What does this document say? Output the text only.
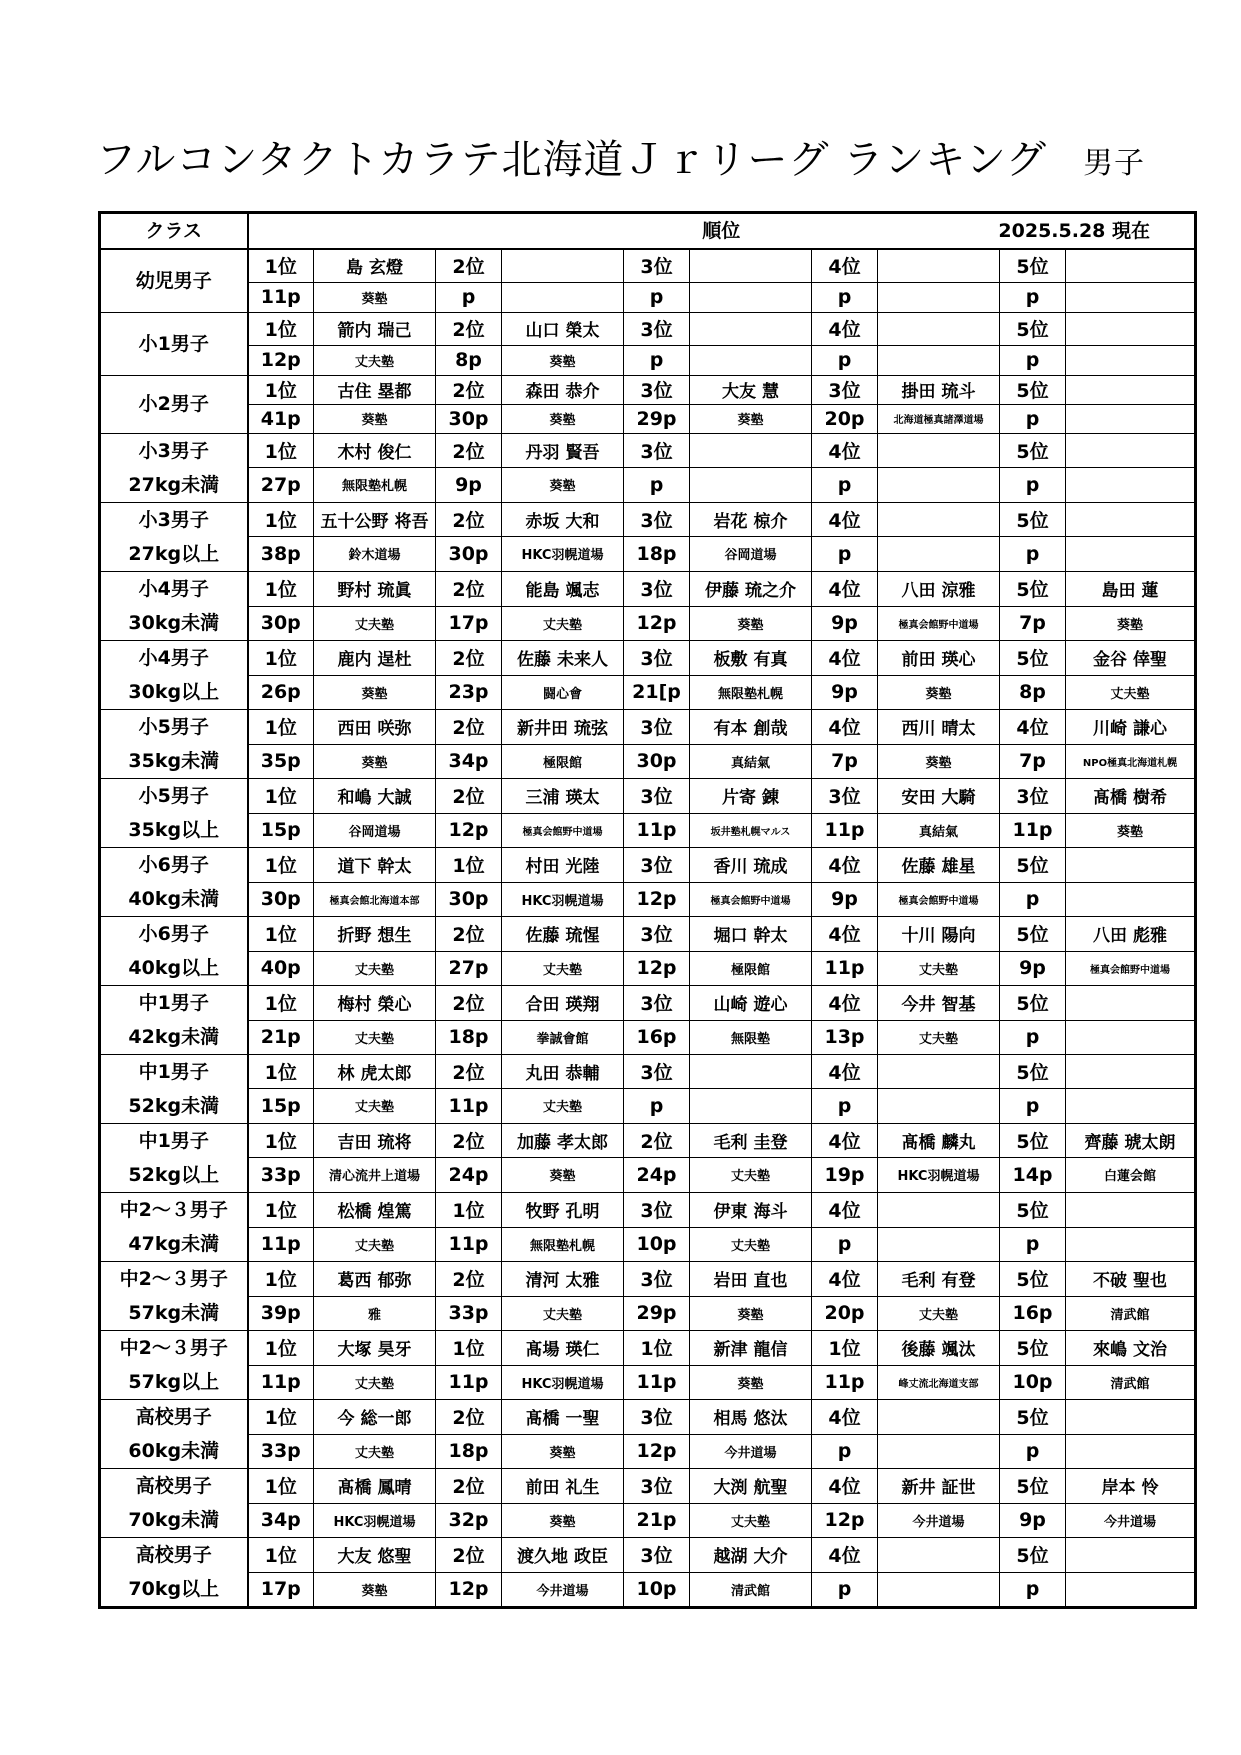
フルコンタクトカラテ北海道Ｊｒリーグ ランキング 男子
クラス	順位 2025.5.28 現在									

幼児男子	1位	島 玄燈	2位		3位		4位		5位	
	11p	葵塾	p		p		p		p	

小1男子	1位	箭内 瑞己	2位	山口 榮太	3位		4位		5位	
	12p	丈夫塾	8p	葵塾	p		p		p	

小2男子	1位	古住 塁都	2位	森田 恭介	3位	大友 慧	3位	掛田 琉斗	5位	
	41p	葵塾	30p	葵塾	29p	葵塾	20p	北海道極真諸澤道場	p	

小3男子
27kg未満	1位	木村 俊仁	2位	丹羽 賢吾	3位		4位		5位	
	27p	無限塾札幌	9p	葵塾	p		p		p	

小3男子
27kg以上	1位	五十公野 将吾	2位	赤坂 大和	3位	岩花 椋介	4位		5位	
	38p	鈴木道場	30p	HKC羽幌道場	18p	谷岡道場	p		p	

小4男子
30kg未満	1位	野村 琉眞	2位	能島 颯志	3位	伊藤 琉之介	4位	八田 涼雅	5位	島田 蓮
	30p	丈夫塾	17p	丈夫塾	12p	葵塾	9p	極真会館野中道場	7p	葵塾

小4男子
30kg以上	1位	鹿内 逞杜	2位	佐藤 未来人	3位	板敷 有真	4位	前田 瑛心	5位	金谷 倖聖
	26p	葵塾	23p	闘心會	21[p	無限塾札幌	9p	葵塾	8p	丈夫塾

小5男子
35kg未満	1位	西田 咲弥	2位	新井田 琉弦	3位	有本 創哉	4位	西川 晴太	4位	川崎 謙心
	35p	葵塾	34p	極限館	30p	真結氣	7p	葵塾	7p	NPO極真北海道札幌

小5男子
35kg以上	1位	和嶋 大誠	2位	三浦 瑛太	3位	片寄 錬	3位	安田 大騎	3位	髙橋 樹希
	15p	谷岡道場	12p	極真会館野中道場	11p	坂井塾札幌マルス	11p	真結氣	11p	葵塾

小6男子
40kg未満	1位	道下 幹太	1位	村田 光陸	3位	香川 琉成	4位	佐藤 雄星	5位	
	30p	極真会館北海道本部	30p	HKC羽幌道場	12p	極真会館野中道場	9p	極真会館野中道場	p	

小6男子
40kg以上	1位	折野 想生	2位	佐藤 琉惺	3位	堀口 幹太	4位	十川 陽向	5位	八田 彪雅
	40p	丈夫塾	27p	丈夫塾	12p	極限館	11p	丈夫塾	9p	極真会館野中道場

中1男子
42kg未満	1位	梅村 榮心	2位	合田 瑛翔	3位	山崎 遊心	4位	今井 智基	5位	
	21p	丈夫塾	18p	拳誠會館	16p	無限塾	13p	丈夫塾	p	

中1男子
52kg未満	1位	林 虎太郎	2位	丸田 恭輔	3位		4位		5位	
	15p	丈夫塾	11p	丈夫塾	p		p		p	

中1男子
52kg以上	1位	吉田 琉将	2位	加藤 孝太郎	2位	毛利 圭登	4位	髙橋 麟丸	5位	齊藤 琥太朗
	33p	清心流井上道場	24p	葵塾	24p	丈夫塾	19p	HKC羽幌道場	14p	白蓮会館

中2～３男子
47kg未満	1位	松橋 煌篤	1位	牧野 孔明	3位	伊東 海斗	4位		5位	
	11p	丈夫塾	11p	無限塾札幌	10p	丈夫塾	p		p	

中2～３男子
57kg未満	1位	葛西 郁弥	2位	清河 太雅	3位	岩田 直也	4位	毛利 有登	5位	不破 聖也
	39p	雅	33p	丈夫塾	29p	葵塾	20p	丈夫塾	16p	清武館

中2～３男子
57kg以上	1位	大塚 昊牙	1位	髙場 瑛仁	1位	新津 龍信	1位	後藤 颯汰	5位	來嶋 文治
	11p	丈夫塾	11p	HKC羽幌道場	11p	葵塾	11p	峰丈流北海道支部	10p	清武館

高校男子
60kg未満	1位	今 総一郎	2位	髙橋 一聖	3位	相馬 悠汰	4位		5位	
	33p	丈夫塾	18p	葵塾	12p	今井道場	p		p	

高校男子
70kg未満	1位	髙橋 鳳晴	2位	前田 礼生	3位	大渕 航聖	4位	新井 証世	5位	岸本 怜
	34p	HKC羽幌道場	32p	葵塾	21p	丈夫塾	12p	今井道場	9p	今井道場

高校男子
70kg以上	1位	大友 悠聖	2位	渡久地 政臣	3位	越湖 大介	4位		5位	
	17p	葵塾	12p	今井道場	10p	清武館	p		p	
